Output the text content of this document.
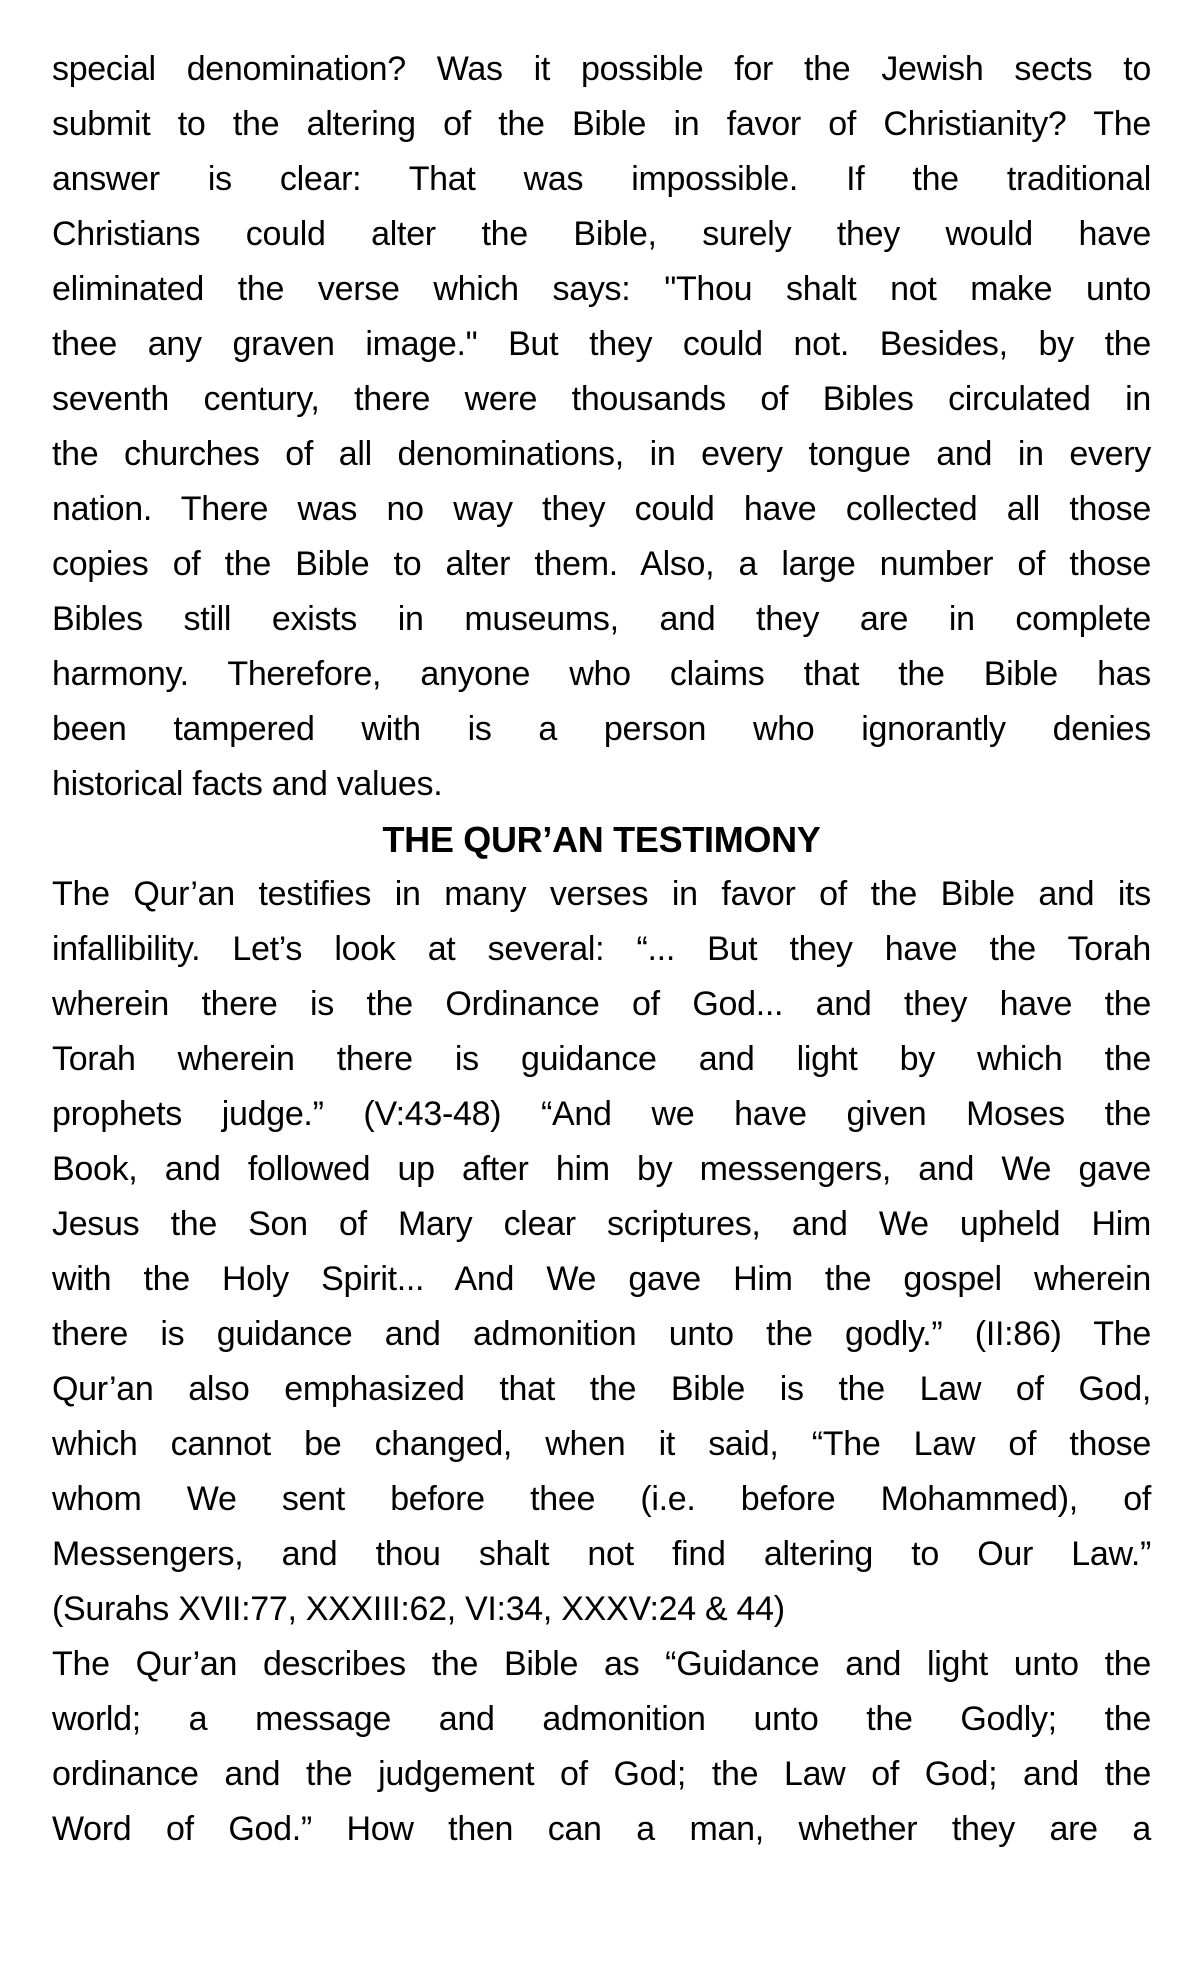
special denomination? Was it possible for the Jewish sects to
submit to the altering of the Bible in favor of Christianity? The
answer is clear: That was impossible. If the traditional
Christians could alter the Bible, surely they would have
eliminated the verse which says: "Thou shalt not make unto
thee any graven image." But they could not. Besides, by the
seventh century, there were thousands of Bibles circulated in
the churches of all denominations, in every tongue and in every
nation. There was no way they could have collected all those
copies of the Bible to alter them. Also, a large number of those
Bibles still exists in museums, and they are in complete
harmony. Therefore, anyone who claims that the Bible has
been tampered with is a person who ignorantly denies
historical facts and values.
THE QUR’AN TESTIMONY
The Qur’an testifies in many verses in favor of the Bible and its
infallibility. Let’s look at several: “... But they have the Torah
wherein there is the Ordinance of God... and they have the
Torah wherein there is guidance and light by which the
prophets judge.” (V:43-48) “And we have given Moses the
Book, and followed up after him by messengers, and We gave
Jesus the Son of Mary clear scriptures, and We upheld Him
with the Holy Spirit... And We gave Him the gospel wherein
there is guidance and admonition unto the godly.” (II:86) The
Qur’an also emphasized that the Bible is the Law of God,
which cannot be changed, when it said, “The Law of those
whom We sent before thee (i.e. before Mohammed), of
Messengers, and thou shalt not find altering to Our Law.”
(Surahs XVII:77, XXXIII:62, VI:34, XXXV:24 & 44)
The Qur’an describes the Bible as “Guidance and light unto the
world; a message and admonition unto the Godly; the
ordinance and the judgement of God; the Law of God; and the
Word of God.” How then can a man, whether they are a
